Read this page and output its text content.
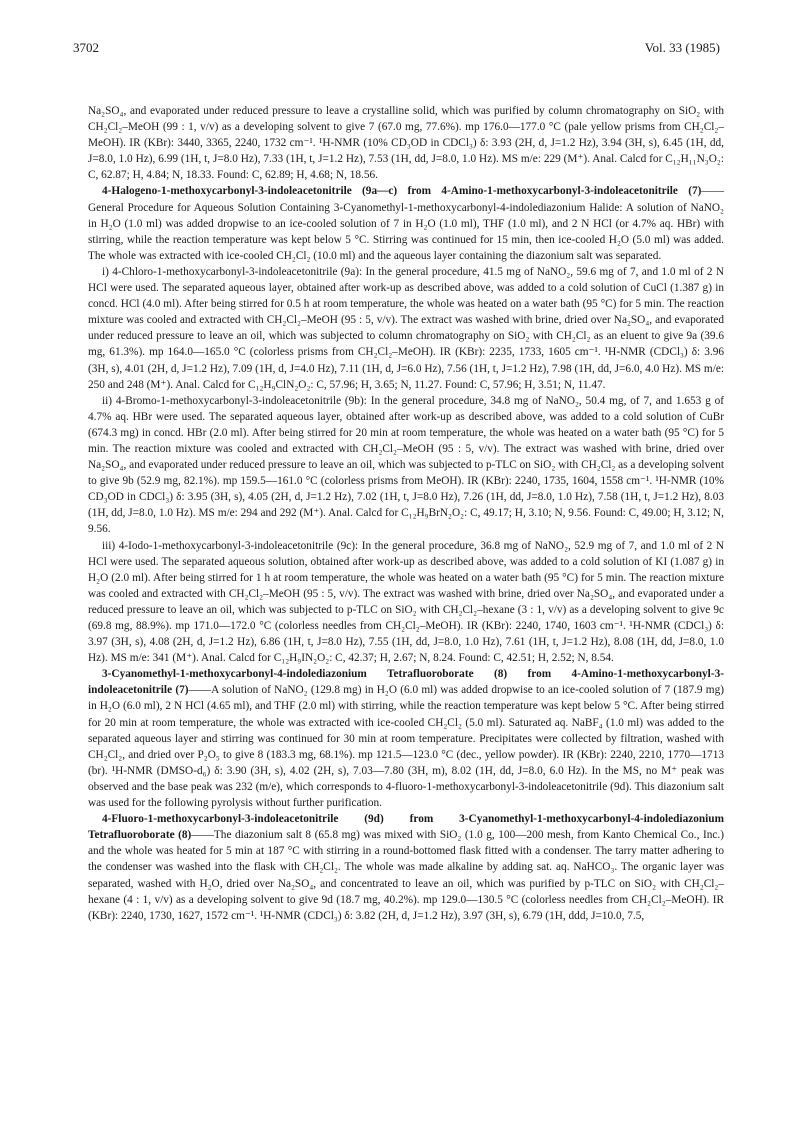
3702	Vol. 33 (1985)

Na₂SO₄, and evaporated under reduced pressure to leave a crystalline solid, which was purified by column chromatography on SiO₂ with CH₂Cl₂–MeOH (99 : 1, v/v) as a developing solvent to give 7 (67.0 mg, 77.6%). mp 176.0—177.0 °C (pale yellow prisms from CH₂Cl₂–MeOH). IR (KBr): 3440, 3365, 2240, 1732 cm⁻¹. ¹H-NMR (10% CD₃OD in CDCl₃) δ: 3.93 (2H, d, J=1.2 Hz), 3.94 (3H, s), 6.45 (1H, dd, J=8.0, 1.0 Hz), 6.99 (1H, t, J=8.0 Hz), 7.33 (1H, t, J=1.2 Hz), 7.53 (1H, dd, J=8.0, 1.0 Hz). MS m/e: 229 (M⁺). Anal. Calcd for C₁₂H₁₁N₃O₂: C, 62.87; H, 4.84; N, 18.33. Found: C, 62.89; H, 4.68; N, 18.56.

4-Halogeno-1-methoxycarbonyl-3-indoleacetonitrile (9a—c) from 4-Amino-1-methoxycarbonyl-3-indoleacetonitrile (7)——General Procedure for Aqueous Solution Containing 3-Cyanomethyl-1-methoxycarbonyl-4-indolediazonium Halide: A solution of NaNO₂ in H₂O (1.0 ml) was added dropwise to an ice-cooled solution of 7 in H₂O (1.0 ml), THF (1.0 ml), and 2 N HCl (or 4.7% aq. HBr) with stirring, while the reaction temperature was kept below 5 °C. Stirring was continued for 15 min, then ice-cooled H₂O (5.0 ml) was added. The whole was extracted with ice-cooled CH₂Cl₂ (10.0 ml) and the aqueous layer containing the diazonium salt was separated.

i) 4-Chloro-1-methoxycarbonyl-3-indoleacetonitrile (9a): In the general procedure, 41.5 mg of NaNO₂, 59.6 mg of 7, and 1.0 ml of 2 N HCl were used. The separated aqueous layer, obtained after work-up as described above, was added to a cold solution of CuCl (1.387 g) in concd. HCl (4.0 ml). After being stirred for 0.5 h at room temperature, the whole was heated on a water bath (95 °C) for 5 min. The reaction mixture was cooled and extracted with CH₂Cl₂–MeOH (95 : 5, v/v). The extract was washed with brine, dried over Na₂SO₄, and evaporated under reduced pressure to leave an oil, which was subjected to column chromatography on SiO₂ with CH₂Cl₂ as an eluent to give 9a (39.6 mg, 61.3%). mp 164.0—165.0 °C (colorless prisms from CH₂Cl₂–MeOH). IR (KBr): 2235, 1733, 1605 cm⁻¹. ¹H-NMR (CDCl₃) δ: 3.96 (3H, s), 4.01 (2H, d, J=1.2 Hz), 7.09 (1H, d, J=4.0 Hz), 7.11 (1H, d, J=6.0 Hz), 7.56 (1H, t, J=1.2 Hz), 7.98 (1H, dd, J=6.0, 4.0 Hz). MS m/e: 250 and 248 (M⁺). Anal. Calcd for C₁₂H₉ClN₂O₂: C, 57.96; H, 3.65; N, 11.27. Found: C, 57.96; H, 3.51; N, 11.47.

ii) 4-Bromo-1-methoxycarbonyl-3-indoleacetonitrile (9b): In the general procedure, 34.8 mg of NaNO₂, 50.4 mg, of 7, and 1.653 g of 4.7% aq. HBr were used. The separated aqueous layer, obtained after work-up as described above, was added to a cold solution of CuBr (674.3 mg) in concd. HBr (2.0 ml). After being stirred for 20 min at room temperature, the whole was heated on a water bath (95 °C) for 5 min. The reaction mixture was cooled and extracted with CH₂Cl₂–MeOH (95 : 5, v/v). The extract was washed with brine, dried over Na₂SO₄, and evaporated under reduced pressure to leave an oil, which was subjected to p-TLC on SiO₂ with CH₂Cl₂ as a developing solvent to give 9b (52.9 mg, 82.1%). mp 159.5—161.0 °C (colorless prisms from MeOH). IR (KBr): 2240, 1735, 1604, 1558 cm⁻¹. ¹H-NMR (10% CD₃OD in CDCl₃) δ: 3.95 (3H, s), 4.05 (2H, d, J=1.2 Hz), 7.02 (1H, t, J=8.0 Hz), 7.26 (1H, dd, J=8.0, 1.0 Hz), 7.58 (1H, t, J=1.2 Hz), 8.03 (1H, dd, J=8.0, 1.0 Hz). MS m/e: 294 and 292 (M⁺). Anal. Calcd for C₁₂H₉BrN₂O₂: C, 49.17; H, 3.10; N, 9.56. Found: C, 49.00; H, 3.12; N, 9.56.

iii) 4-Iodo-1-methoxycarbonyl-3-indoleacetonitrile (9c): In the general procedure, 36.8 mg of NaNO₂, 52.9 mg of 7, and 1.0 ml of 2 N HCl were used. The separated aqueous solution, obtained after work-up as described above, was added to a cold solution of KI (1.087 g) in H₂O (2.0 ml). After being stirred for 1 h at room temperature, the whole was heated on a water bath (95 °C) for 5 min. The reaction mixture was cooled and extracted with CH₂Cl₂–MeOH (95 : 5, v/v). The extract was washed with brine, dried over Na₂SO₄, and evaporated under a reduced pressure to leave an oil, which was subjected to p-TLC on SiO₂ with CH₂Cl₂–hexane (3 : 1, v/v) as a developing solvent to give 9c (69.8 mg, 88.9%). mp 171.0—172.0 °C (colorless needles from CH₂Cl₂–MeOH). IR (KBr): 2240, 1740, 1603 cm⁻¹. ¹H-NMR (CDCl₃) δ: 3.97 (3H, s), 4.08 (2H, d, J=1.2 Hz), 6.86 (1H, t, J=8.0 Hz), 7.55 (1H, dd, J=8.0, 1.0 Hz), 7.61 (1H, t, J=1.2 Hz), 8.08 (1H, dd, J=8.0, 1.0 Hz). MS m/e: 341 (M⁺). Anal. Calcd for C₁₂H₉IN₂O₂: C, 42.37; H, 2.67; N, 8.24. Found: C, 42.51; H, 2.52; N, 8.54.

3-Cyanomethyl-1-methoxycarbonyl-4-indolediazonium Tetrafluoroborate (8) from 4-Amino-1-methoxycarbonyl-3-indoleacetonitrile (7)——A solution of NaNO₂ (129.8 mg) in H₂O (6.0 ml) was added dropwise to an ice-cooled solution of 7 (187.9 mg) in H₂O (6.0 ml), 2 N HCl (4.65 ml), and THF (2.0 ml) with stirring, while the reaction temperature was kept below 5 °C. After being stirred for 20 min at room temperature, the whole was extracted with ice-cooled CH₂Cl₂ (5.0 ml). Saturated aq. NaBF₄ (1.0 ml) was added to the separated aqueous layer and stirring was continued for 30 min at room temperature. Precipitates were collected by filtration, washed with CH₂Cl₂, and dried over P₂O₅ to give 8 (183.3 mg, 68.1%). mp 121.5—123.0 °C (dec., yellow powder). IR (KBr): 2240, 2210, 1770—1713 (br). ¹H-NMR (DMSO-d₆) δ: 3.90 (3H, s), 4.02 (2H, s), 7.03—7.80 (3H, m), 8.02 (1H, dd, J=8.0, 6.0 Hz). In the MS, no M⁺ peak was observed and the base peak was 232 (m/e), which corresponds to 4-fluoro-1-methoxycarbonyl-3-indoleacetonitrile (9d). This diazonium salt was used for the following pyrolysis without further purification.

4-Fluoro-1-methoxycarbonyl-3-indoleacetonitrile (9d) from 3-Cyanomethyl-1-methoxycarbonyl-4-indolediazonium Tetrafluoroborate (8)——The diazonium salt 8 (65.8 mg) was mixed with SiO₂ (1.0 g, 100—200 mesh, from Kanto Chemical Co., Inc.) and the whole was heated for 5 min at 187 °C with stirring in a round-bottomed flask fitted with a condenser. The tarry matter adhering to the condenser was washed into the flask with CH₂Cl₂. The whole was made alkaline by adding sat. aq. NaHCO₃. The organic layer was separated, washed with H₂O, dried over Na₂SO₄, and concentrated to leave an oil, which was purified by p-TLC on SiO₂ with CH₂Cl₂–hexane (4 : 1, v/v) as a developing solvent to give 9d (18.7 mg, 40.2%). mp 129.0—130.5 °C (colorless needles from CH₂Cl₂–MeOH). IR (KBr): 2240, 1730, 1627, 1572 cm⁻¹. ¹H-NMR (CDCl₃) δ: 3.82 (2H, d, J=1.2 Hz), 3.97 (3H, s), 6.79 (1H, ddd, J=10.0, 7.5,
